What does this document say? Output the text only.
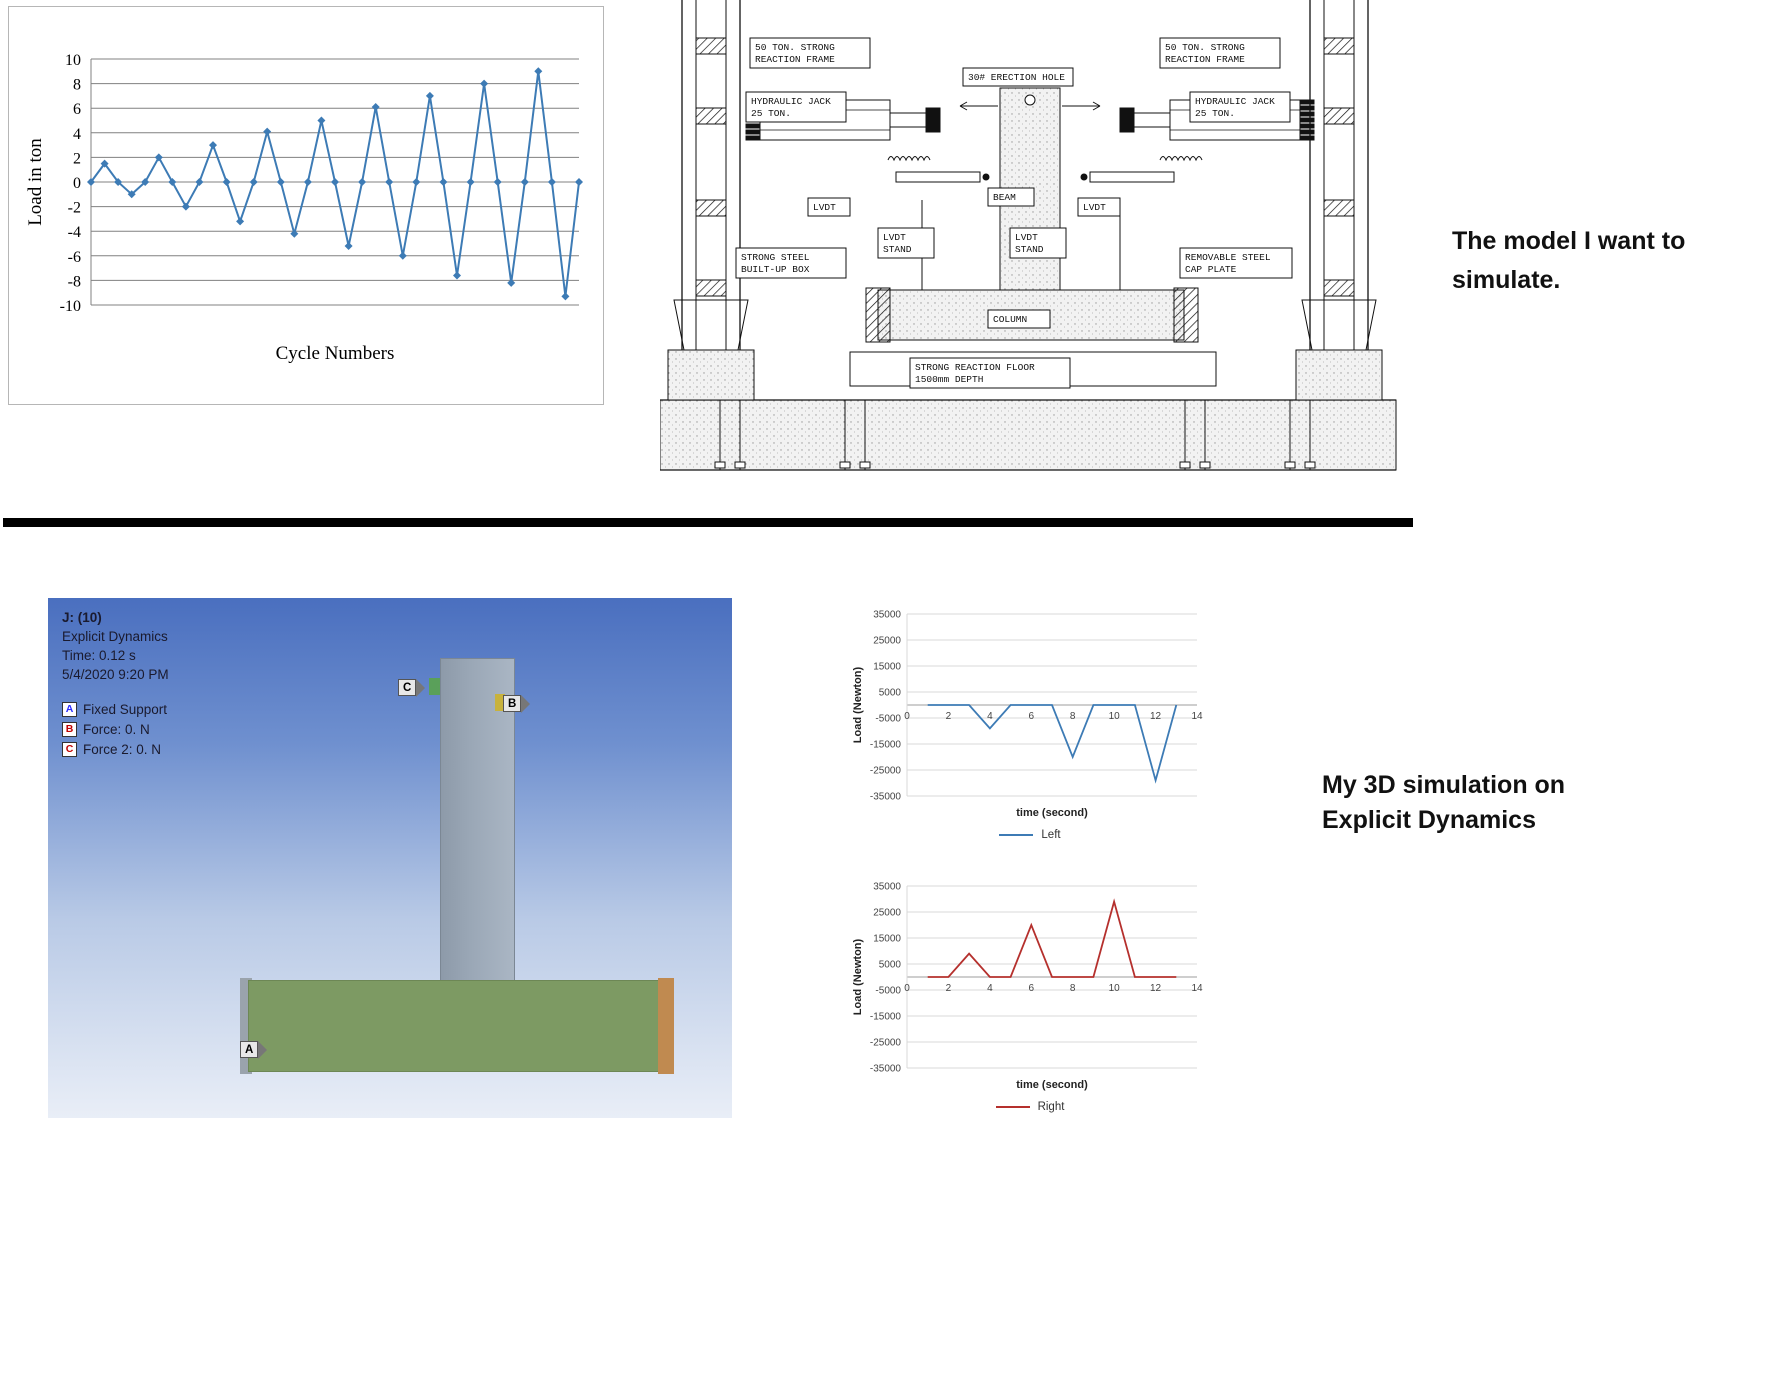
-10
-8
-6
-4
-2
0
2
4
6
8
10
Cycle Numbers
Load in ton
50 TON. STRONG
REACTION FRAME
50 TON. STRONG
REACTION FRAME
30# ERECTION HOLE
HYDRAULIC JACK
25 TON.
HYDRAULIC JACK
25 TON.
LVDT	LVDT
BEAM
LVDT
STAND
LVDT
STAND
STRONG STEEL
BUILT-UP BOX
REMOVABLE STEEL
CAP PLATE
COLUMN
STRONG REACTION FLOOR
1500mm DEPTH
The model I want to simulate.
J: (10)
Explicit Dynamics
Time: 0.12 s
5/4/2020 9:20 PM
A Fixed Support
B Force: 0. N
C Force 2: 0. N
C
B
A
-35000
-25000
-15000
-5000
5000
15000
25000
35000
0	2	4	6	8	10	12	14
time (second)
Load (Newton)
Left
-35000
-25000
-15000
-5000
5000
15000
25000
35000
0	2	4	6	8	10	12	14
time (second)
Load (Newton)
Right
My 3D simulation on Explicit Dynamics
